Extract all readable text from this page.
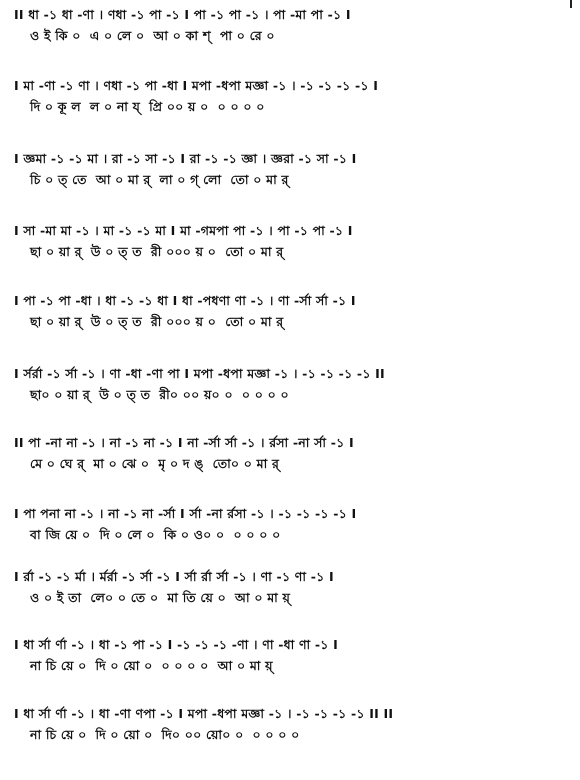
II ধা -১ ধা -ণা । ণধা -১ পা -১ I পা -১ পা -১ । পা -মা পা -১ I
ও ই কি ০  এ ০ লে ০  আ ০ কা শ্  পা ০ রে ০
I মা -ণা -১ ণা । ণধা -১ পা -ধা I মপা -ধপা মজ্ঞা -১ । -১ -১ -১ -১ I
দি ০ কূ ল  ল ০ না য্  প্রি ০০ য় ০  ০ ০ ০ ০
I জ্ঞমা -১ -১ মা । রা -১ সা -১ I রা -১ -১ জ্ঞা । জ্ঞরা -১ সা -১ I
চি ০ ত্ তে  আ ০ মা র্  লা ০ গ্ লো  তো ০ মা র্
I সা -মা মা -১ । মা -১ -১ মা I মা -গমপা পা -১ । পা -১ পা -১ I
ছা ০ য়া র্  উ ০ ত্ ত  রী ০০০ য় ০  তো ০ মা র্
I পা -১ পা -ধা । ধা -১ -১ ধা I ধা -পধণা ণা -১ । ণা -র্সা র্সা -১ I
ছা ০ য়া র্  উ ০ ত্ ত  রী ০০০ য় ০  তো ০ মা র্
I র্সর্রা -১ র্সা -১ । ণা -ধা -ণা পা I মপা -ধপা মজ্ঞা -১ । -১ -১ -১ -১ II
ছা০ ০ য়া র্  উ ০ ত্ ত  রী০ ০০ য়০ ০  ০ ০ ০ ০
II পা -না না -১ । না -১ না -১ I না -র্সা র্সা -১ । র্রসা -না র্সা -১ I
মে ০ ঘে র্  মা ০ ঝে ০  মৃ ০ দ ঙ্  তো০ ০ মা র্
I পা পনা না -১ । না -১ না -র্সা I র্সা -না র্রসা -১ । -১ -১ -১ -১ I
বা জি য়ে ০  দি ০ লে ০  কি ০ ও০ ০  ০ ০ ০ ০
I র্রা -১ -১ র্মা । র্মর্রা -১ র্সা -১ I র্সা র্রা র্সা -১ । ণা -১ ণা -১ I
ও ০ ই তা  লে০ ০ তে ০  মা তি য়ে ০  আ ০ মা য়্
I ধা র্সা র্ণা -১ । ধা -১ পা -১ I -১ -১ -১ -ণা । ণা -ধা ণা -১ I
না চি য়ে ০  দি ০ য়ো ০  ০ ০ ০ ০  আ ০ মা য়্
I ধা র্সা র্ণা -১ । ধা -ণা ণপা -১ I মপা -ধপা মজ্ঞা -১ । -১ -১ -১ -১ II II
না চি য়ে ০  দি ০ য়ো ০  দি০ ০০ য়ো০ ০  ০ ০ ০ ০
